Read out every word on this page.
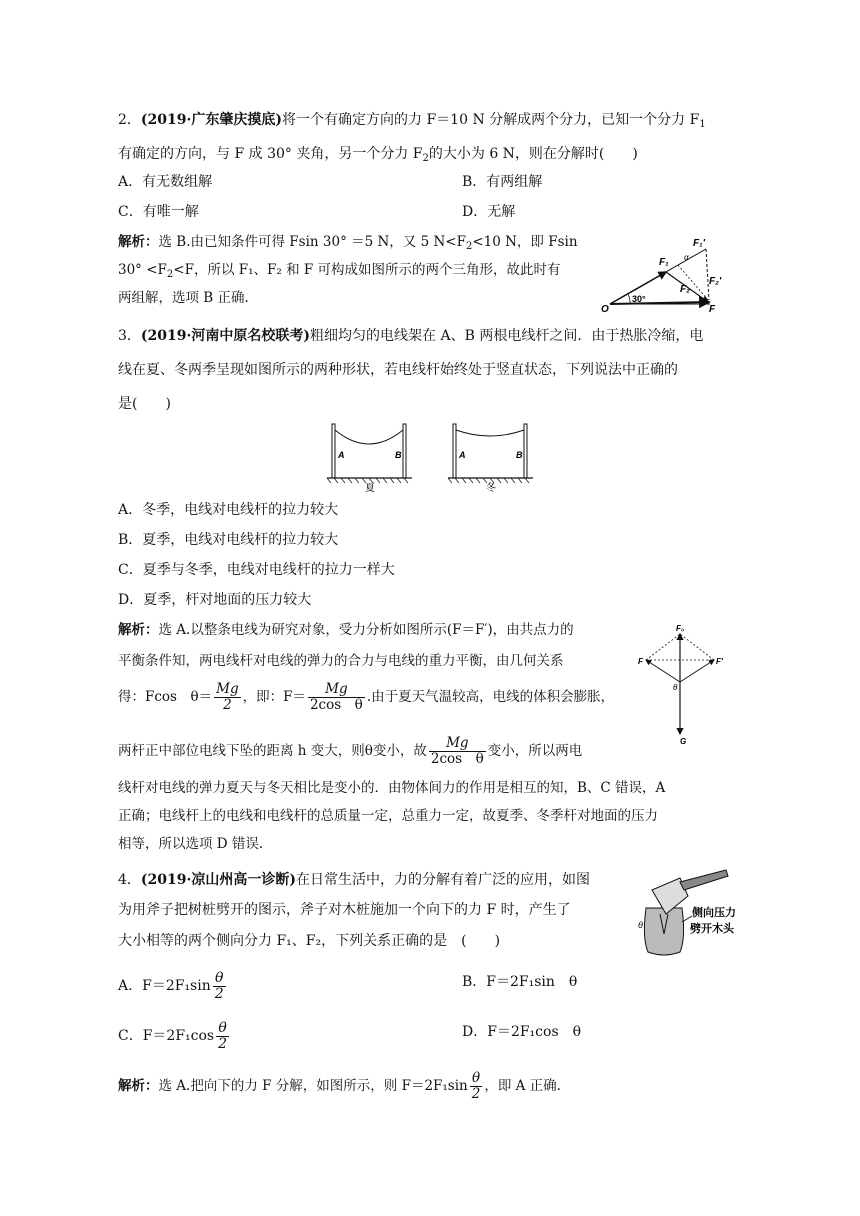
2．(2019·广东肇庆摸底)将一个有确定方向的力 F＝10 N 分解成两个分力，已知一个分力 $F_1$
有确定的方向，与 F 成 30° 夹角，另一个分力 $F_2$的大小为 6 N，则在分解时(　　)
A．有无数组解	B．有两组解
C．有唯一解	D．无解
解析：选 B.由已知条件可得 Fsin 30° ＝5 N，又 5 $N<F_2<10$ N，即 Fsin
$30^\circ <F_2<F$，所以 F₁、F₂ 和 F 可构成如图所示的两个三角形，故此时有
两组解，选项 B 正确.
F₁'
F₁
F₂'
F₂
O	F
30°
α
3．(2019·河南中原名校联考)粗细均匀的电线架在 A、B 两根电线杆之间．由于热胀冷缩，电
线在夏、冬两季呈现如图所示的两种形状，若电线杆始终处于竖直状态，下列说法中正确的
是(　　)
A	B
夏
A	B
冬
A．冬季，电线对电线杆的拉力较大
B．夏季，电线对电线杆的拉力较大
C．夏季与冬季，电线对电线杆的拉力一样大
D．夏季，杆对地面的压力较大
解析：选 A.以整条电线为研究对象，受力分析如图所示(F＝F′)，由共点力的
平衡条件知，两电线杆对电线的弹力的合力与电线的重力平衡，由几何关系
得：Fcos　$\theta= \frac{Mg}{2}$ ，即：$F= \frac{Mg}{\text{2cos　θ}}$ .由于夏天气温较高，电线的体积会膨胀，
两杆正中部位电线下坠的距离 h 变大，则θ变小，故 $\frac{Mg}{\text{2cos　θ}}$ 变小，所以两电
线杆对电线的弹力夏天与冬天相比是变小的．由物体间力的作用是相互的知，B、C 错误，A
正确；电线杆上的电线和电线杆的总质量一定，总重力一定，故夏季、冬季杆对地面的压力
相等，所以选项 D 错误.
F₀
F	F′
θ
G
4．(2019·凉山州高一诊断)在日常生活中，力的分解有着广泛的应用，如图
为用斧子把树桩劈开的图示，斧子对木桩施加一个向下的力 F 时，产生了
大小相等的两个侧向分力 F₁、F₂，下列关系正确的是　(　　)
θ
侧向压力
劈开木头
A．$F=2F_1\sin \frac{\theta}{2}$	B．F＝2F₁sin　θ
C．$F=2F_1\cos \frac{\theta}{2}$	D．F＝2F₁cos　θ
解析：选 A.把向下的力 F 分解，如图所示，则 $F=2F_1\sin \frac{\theta}{2}$ ，即 A 正确.
